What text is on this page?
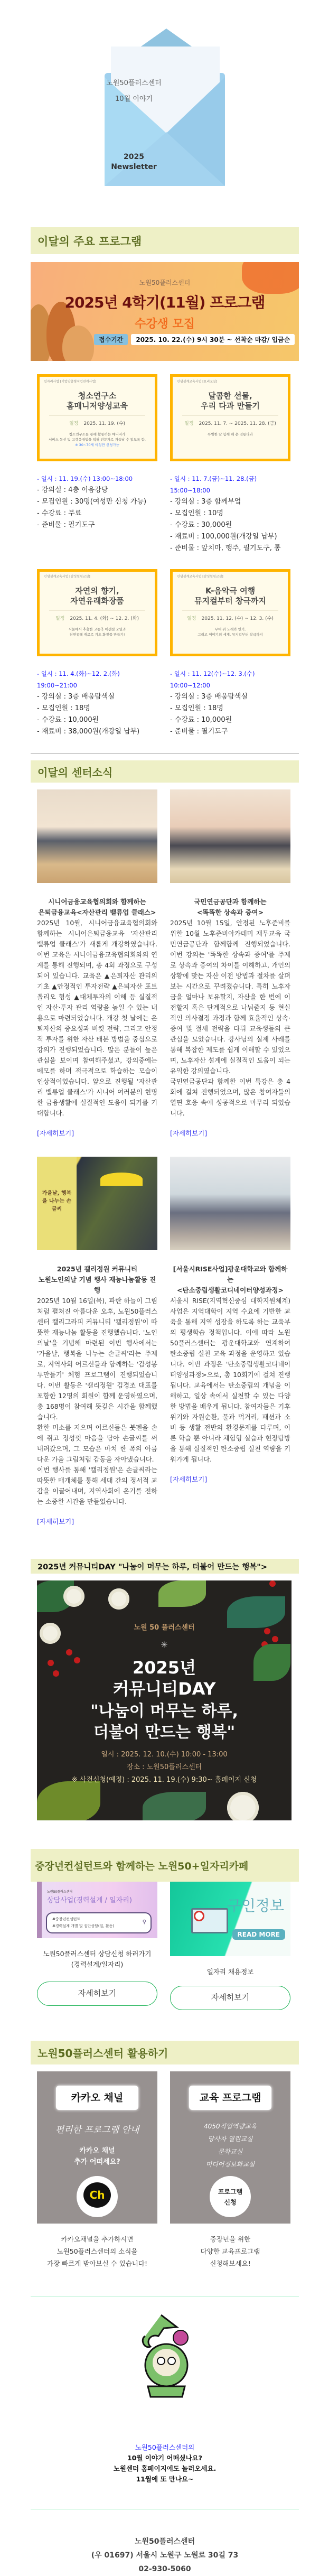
노원50플러스센터
10월 이야기
2025
Newsletter
이달의 주요 프로그램
노원50플러스센터
2025년 4학기(11월) 프로그램
수강생 모집
접수기간	2025. 10. 22.(수) 9시 30분 ~ 선착순 마감/ 입금순
일자리사업 [기업맞춤형직업연계사업]
청소연구소
홈매니저양성교육
일정 2025. 11. 19. (수)
청소연구소를 통해 활동하는 매니저가
서비스 동선 및 고객응대법을 익혀 전문가로 거듭날 수 있도록 함.
※ 30~70세 여성만 신청가능
인생설계교육사업 [요리교실]
달콤한 선물,
우리 다과 만들기
일정 2025. 11. 7. ~ 2025. 11. 28. (금)
특별한 날 함께 해 온 전통다과
- 일시 : 11. 19.(수) 13:00~18:00
- 강의실 : 4층 이음강당
- 모집인원 : 30명(여성만 신청 가능)
- 수강료 : 무료
- 준비물 : 필기도구
- 일시 : 11. 7.(금)~11. 28.(금) 15:00~18:00
- 강의실 : 3층 함께부엌
- 모집인원 : 10명
- 수강료 : 30,000원
- 재료비 : 100,000원(개강일 납부)
- 준비물 : 앞치마, 행주, 필기도구, 통
인생설계교육사업 [감성힐링교실]
자연의 향기,
자연유래화장품
일정 2025. 11. 4. (화) ~ 12. 2. (화)
식물에서 추출한 고농축 에센셜 오일과
천연유래 재료로 기초 화장품 만들기!
인생설계교육사업 [감성힐링교실]
K-음악극 여행
뮤지컬부터 창극까지
일정 2025. 11. 12. (수) ~ 12. 3. (수)
무대 위 노래와 연기,
그리고 이야기의 세계, 뮤지컬부터 창극까지
- 일시 : 11. 4.(화)~12. 2.(화) 19:00~21:00
- 강의실 : 3층 배움탐색실
- 모집인원 : 18명
- 수강료 : 10,000원
- 재료비 : 38,000원(개강일 납부)
- 일시 : 11. 12(수)~12. 3.(수) 10:00~12:00
- 강의실 : 3층 배움탐색실
- 모집인원 : 18명
- 수강료 : 10,000원
- 준비물 : 필기도구
이달의 센터소식
시니어금융교육협의회와 함께하는
은퇴금융교육<자산관리 밸류업 클래스>

2025년 10월, 시니어금융교육협의회와 함께하는 시니어은퇴금융교육 '자산관리 밸류업 클래스'가 새롭게 개강하였습니다. 이번 교육은 시니어금융교육협의회와의 연계를 통해 진행되며, 총 4회 과정으로 구성되어 있습니다. 교육은 ▲은퇴자산 관리의 기초 ▲안정적인 투자전략 ▲은퇴자산 포트폴리오 형성 ▲대체투자의 이해 등 실질적인 자산·투자 관리 역량을 높일 수 있는 내용으로 마련되었습니다. 개강 첫 날에는 은퇴자산의 중요성과 버킷 전략, 그리고 안정적 투자를 위한 자산 배분 방법을 중심으로 강의가 진행되었습니다. 많은 분들이 높은 관심을 보이며 참여해주셨고, 강의중에는 메모를 하며 적극적으로 학습하는 모습이 인상적이었습니다. 앞으로 진행될 '자산관리 밸류업 클래스'가 시니어 여러분의 현명한 금융생활에 실질적인 도움이 되기를 기대합니다.

[자세히보기]
국민연금공단과 함께하는
<똑똑한 상속과 증여>

2025년 10월 15일, 안정된 노후준비를 위한 10월 노후준비아카데미 재무교육 국민연금공단과 함께함께 진행되었습니다. 이번 강의는 '똑똑한 상속과 증여'를 주제로 상속과 증여의 차이를 이해하고, 개인의 상황에 맞는 자산 이전 방법과 절차를 살펴보는 시간으로 꾸려졌습니다. 특히 노후자금을 얼마나 보유할지, 자산을 한 번에 이전할지 혹은 단계적으로 나눠줄지 등 현실적인 의사결정 과정과 함께 효율적인 상속·증여 및 절세 전략을 다뤄 교육생들의 큰 관심을 모았습니다. 강사님의 실제 사례를 통해 복잡한 제도를 쉽게 이해할 수 있었으며, 노후자산 설계에 실질적인 도움이 되는 유익한 강의였습니다.

국민연금공단과 함께한 이번 특강은 총 4회에 걸쳐 진행되었으며, 많은 참여자들의 열띤 호응 속에 성공적으로 마무리 되었습니다.

[자세히보기]
가을날, 행복을 나누는 손글씨
2025년 캘리정원 커뮤니티
노원노인의날 기념 행사 재능나눔활동 진행

2025년 10월 16일(목), 파란 하늘이 그림처럼 펼쳐진 아름다운 오후, 노원50플러스센터 캘리그라피 커뮤니티 '캘리정원'이 따뜻한 재능나눔 활동을 진행했습니다. '노인의날'을 기념해 마련된 이번 행사에서는 '가을날, 행복을 나누는 손글씨'라는 주제로, 지역사회 어르신들과 함께하는 '감성봉투만들기' 체험 프로그램이 진행되었습니다. 이번 활동은 '캘리정원' 김경조 대표를 포함한 12명의 회원이 함께 운영하였으며, 총 168명이 참여해 뜻깊은 시간을 함께했습니다.

환한 미소를 지으며 어르신들은 붓펜을 손에 쥐고 정성껏 마음을 담아 손글씨를 써 내려갔으며, 그 모습은 마치 한 폭의 아름다운 가을 그림처럼 감동을 자아냈습니다.

이번 행사를 통해 '캘리정원'은 손글씨라는 따뜻한 매개체를 통해 세대 간의 정서적 교감을 이끌어내며, 지역사회에 온기를 전하는 소중한 시간을 만들었습니다.

[자세히보기]
[서울시RISE사업]광운대학교와 함께하는
<탄소중립생활코디네이터양성과정>

서울시 RISE(지역혁신중심 대학지원체계)사업은 지역대학이 지역 수요에 기반한 교육을 통해 지역 성장을 하도록 하는 교육부의 평생학습 정책입니다. 이에 따라 노원50플러스센터는 광운대학교와 연계하여 탄소중립 실천 교육 과정을 운영하고 있습니다. 이번 과정은 '탄소중립생활코디네이터양성과정>으로, 총 10회기에 걸쳐 진행됩니다. 교육에서는 탄소중립의 개념을 이해하고, 일상 속에서 실천할 수 있는 다양한 방법을 배우게 됩니다. 참여자들은 기후위기와 자원순환, 물과 먹거리, 패션과 소비 등 생활 전반의 환경문제를 다루며, 이론 학습 뿐 아니라 체험형 실습과 현장탐방을 통해 실질적인 탄소중립 실천 역량을 키워가게 됩니다.

[자세히보기]
2025년 커뮤니티DAY "나눔이 머무는 하루, 더불어 만드는 행복">
노원 50 플러스센터
✳
2025년
커뮤니티DAY
"나눔이 머무는 하루,
더불어 만드는 행복"
일시 : 2025. 12. 10.(수) 10:00 - 13:00
장소 : 노원50플러스센터
※ 사전신청(예정) : 2025. 11. 19.(수) 9:30~ 홈페이지 신청
중장년컨설턴트와 함께하는 노원50+일자리카페
노원50플러스센터
상담사업(경력설계 / 일자리)
#중장년컨설턴트
#경력설계 개별 및 집단상담(일, 활동)
⚲
노원50플러스센터 상담신청 하러가기
(경력설계/일자리)
자세히보기
구인정보
READ MORE
일자리 채용정보
자세히보기
노원50플러스센터 활용하기
카카오 채널
편리한 프로그램 안내
카카오 채널
추가 어떠세요?
Ch
카카오채널을 추가하시면
노원50플러스센터의 소식을
가장 빠르게 받아보실 수 있습니다!
교육 프로그램
4050직업역량교육
당사자 열린교실
문화교실
미디어정보화교실
프로그램
신청
중장년을 위한
다양한 교육프로그램
신청해보세요!
노원50플러스센터의
10월 이야기 어떠셨나요?
노원센터 홈페이지에도 놀러오세요.
11월에 또 만나요~
노원50플러스센터
(우 01697) 서울시 노원구 노원로 30길 73
02-930-5060
